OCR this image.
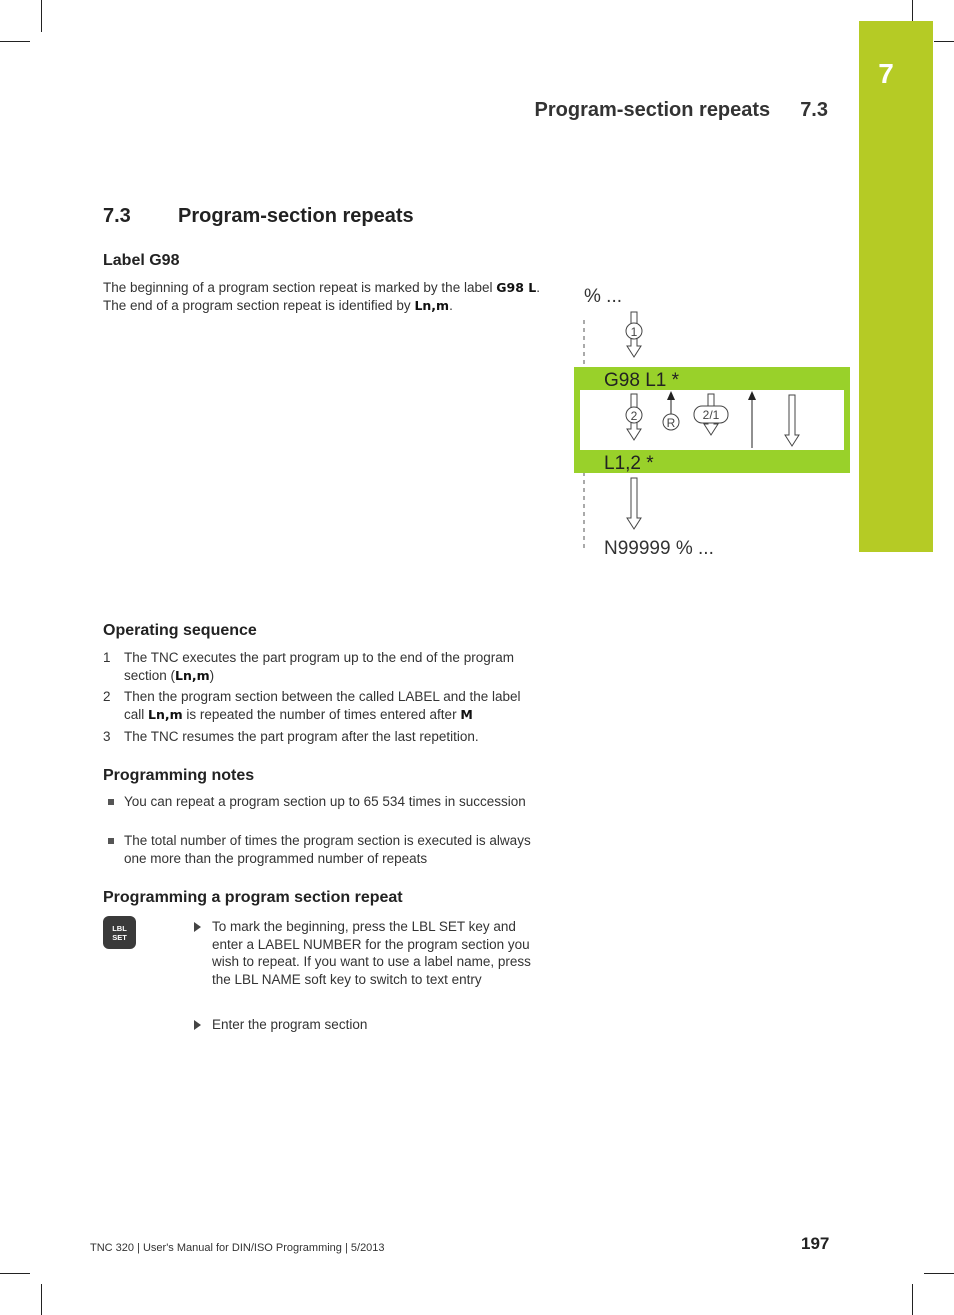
7
Program-section repeats 7.3
7.3 Program-section repeats
Label G98
The beginning of a program section repeat is marked by the label G98 L. The end of a program section repeat is identified by Ln,m.	% ...
G98 L1 *
L1,2 *
N99999 % ...
1
2 R
2/1
Operating sequence
1 The TNC executes the part program up to the end of the program section (Ln,m)
2 Then the program section between the called LABEL and the label call Ln,m is repeated the number of times entered after M
3 The TNC resumes the part program after the last repetition.
Programming notes
You can repeat a program section up to 65 534 times in succession
The total number of times the program section is executed is always one more than the programmed number of repeats
Programming a program section repeat
LBL
SET
To mark the beginning, press the LBL SET key and enter a LABEL NUMBER for the program section you wish to repeat. If you want to use a label name, press the LBL NAME soft key to switch to text entry
Enter the program section
TNC 320 | User's Manual for DIN/ISO Programming | 5/2013	197
